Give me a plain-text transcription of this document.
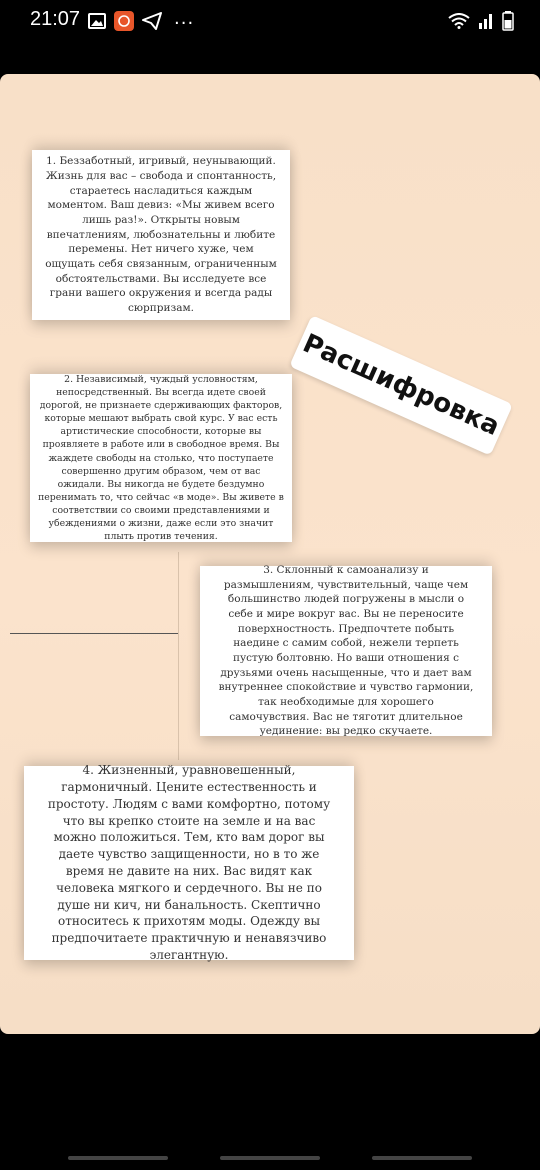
21:07	···

1. Беззаботный, игривый, неунывающий. Жизнь для вас – свобода и спонтанность, стараетесь насладиться каждым моментом. Ваш девиз: «Мы живем всего лишь раз!». Открыты новым впечатлениям, любознательны и любите перемены. Нет ничего хуже, чем ощущать себя связанным, ограниченным обстоятельствами. Вы исследуете все грани вашего окружения и всегда рады сюрпризам.

2. Независимый, чуждый условностям, непосредственный. Вы всегда идете своей дорогой, не признаете сдерживающих факторов, которые мешают выбрать свой курс. У вас есть артистические способности, которые вы проявляете в работе или в свободное время. Вы жаждете свободы на столько, что поступаете совершенно другим образом, чем от вас ожидали. Вы никогда не будете бездумно перенимать то, что сейчас «в моде». Вы живете в соответствии со своими представлениями и убеждениями о жизни, даже если это значит плыть против течения.

3. Склонный к самоанализу и размышлениям, чувствительный, чаще чем большинство людей погружены в мысли о себе и мире вокруг вас. Вы не переносите поверхностность. Предпочтете побыть наедине с самим собой, нежели терпеть пустую болтовню. Но ваши отношения с друзьями очень насыщенные, что и дает вам внутреннее спокойствие и чувство гармонии, так необходимые для хорошего самочувствия. Вас не тяготит длительное уединение: вы редко скучаете.

4. Жизненный, уравновешенный, гармоничный. Цените естественность и простоту. Людям с вами комфортно, потому что вы крепко стоите на земле и на вас можно положиться. Тем, кто вам дорог вы даете чувство защищенности, но в то же время не давите на них. Вас видят как человека мягкого и сердечного. Вы не по душе ни кич, ни банальность. Скептично относитесь к прихотям моды. Одежду вы предпочитаете практичную и ненавязчиво элегантную.

Расшифровка
